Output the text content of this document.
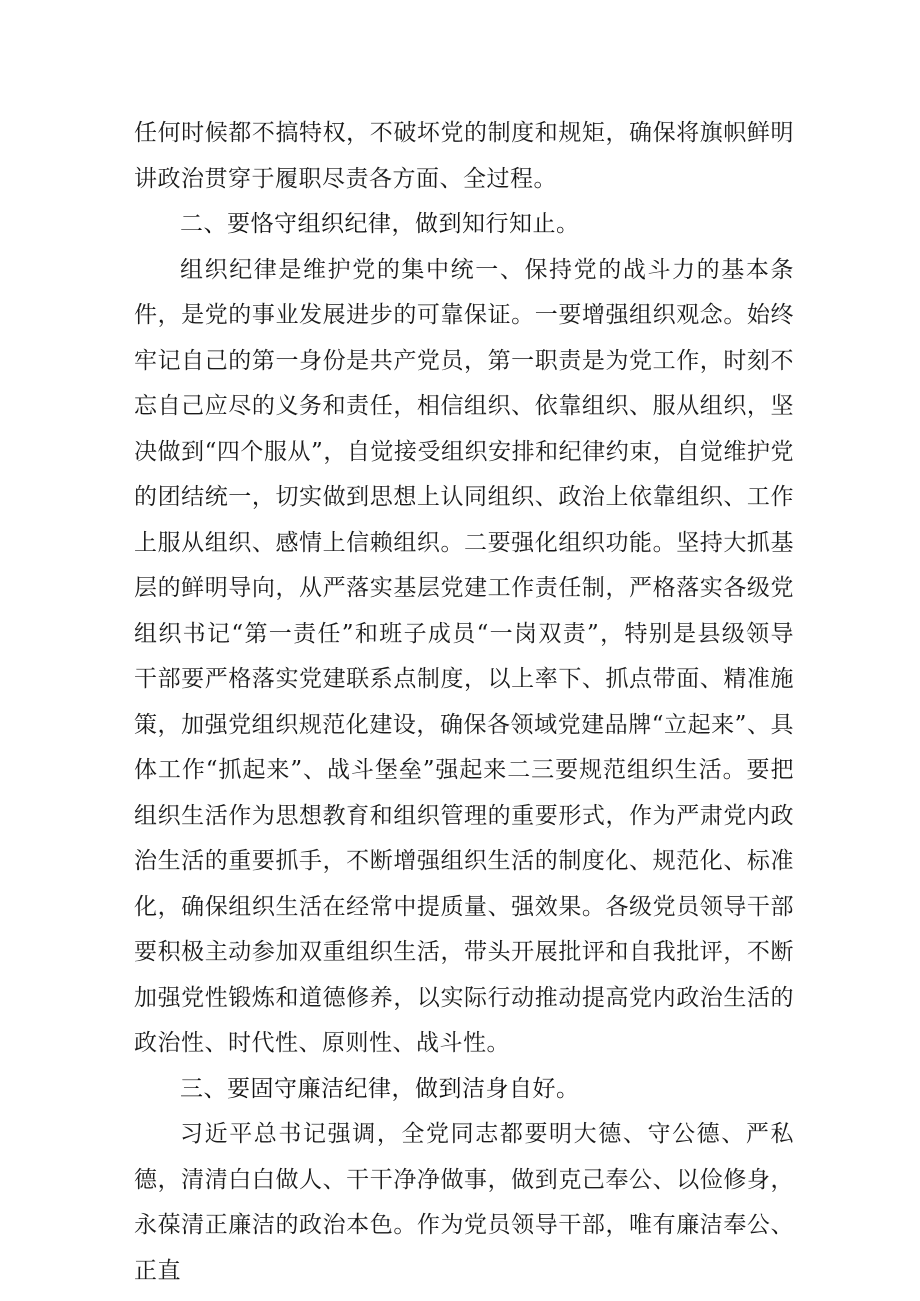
任何时候都不搞特权，不破坏党的制度和规矩，确保将旗帜鲜明讲政治贯穿于履职尽责各方面、全过程。

二、要恪守组织纪律，做到知行知止。

组织纪律是维护党的集中统一、保持党的战斗力的基本条件，是党的事业发展进步的可靠保证。一要增强组织观念。始终牢记自己的第一身份是共产党员，第一职责是为党工作，时刻不忘自己应尽的义务和责任，相信组织、依靠组织、服从组织，坚决做到“四个服从”，自觉接受组织安排和纪律约束，自觉维护党的团结统一，切实做到思想上认同组织、政治上依靠组织、工作上服从组织、感情上信赖组织。二要强化组织功能。坚持大抓基层的鲜明导向，从严落实基层党建工作责任制，严格落实各级党组织书记“第一责任”和班子成员“一岗双责”，特别是县级领导干部要严格落实党建联系点制度，以上率下、抓点带面、精准施策，加强党组织规范化建设，确保各领域党建品牌“立起来”、具体工作“抓起来”、战斗堡垒”强起来二三要规范组织生活。要把组织生活作为思想教育和组织管理的重要形式，作为严肃党内政治生活的重要抓手，不断增强组织生活的制度化、规范化、标准化，确保组织生活在经常中提质量、强效果。各级党员领导干部要积极主动参加双重组织生活，带头开展批评和自我批评，不断加强党性锻炼和道德修养，以实际行动推动提高党内政治生活的政治性、时代性、原则性、战斗性。

三、要固守廉洁纪律，做到洁身自好。

习近平总书记强调，全党同志都要明大德、守公德、严私德，清清白白做人、干干净净做事，做到克己奉公、以俭修身，永葆清正廉洁的政治本色。作为党员领导干部，唯有廉洁奉公、正直
